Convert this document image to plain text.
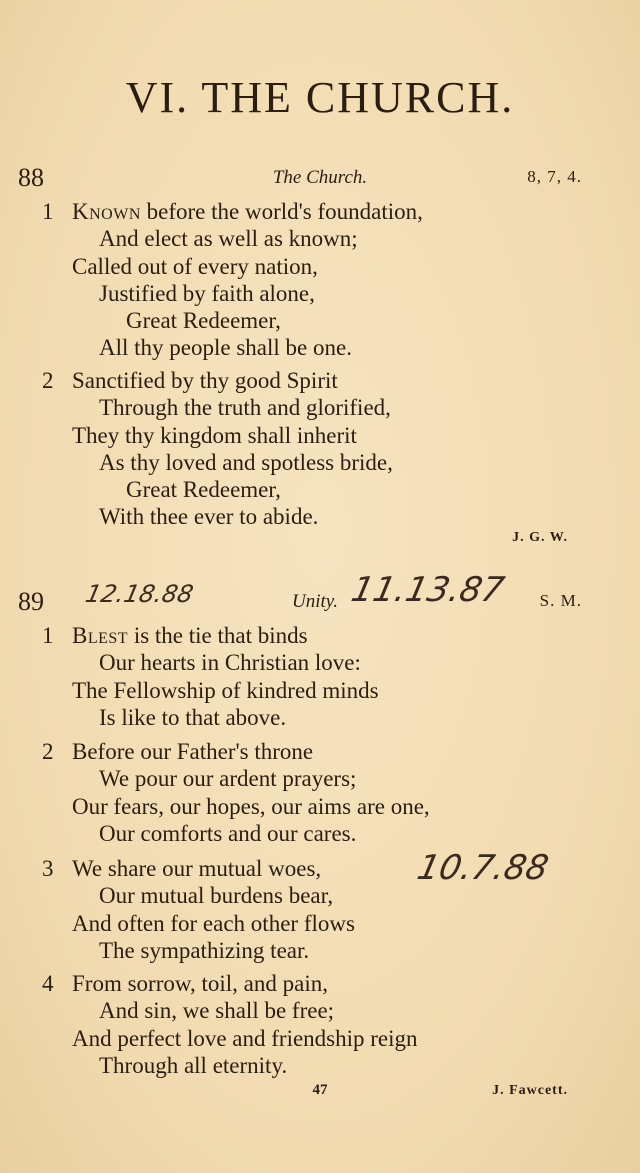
VI. THE CHURCH.
88	The Church.	8, 7, 4.
1 Known before the world's foundation,
And elect as well as known;
Called out of every nation,
Justified by faith alone,
Great Redeemer,
All thy people shall be one.
2 Sanctified by thy good Spirit
Through the truth and glorified,
They thy kingdom shall inherit
As thy loved and spotless bride,
Great Redeemer,
With thee ever to abide.
J. G. W.
89	Unity.	S. M.
12.18.88	11.13.87
1 Blest is the tie that binds
Our hearts in Christian love:
The Fellowship of kindred minds
Is like to that above.
2 Before our Father's throne
We pour our ardent prayers;
Our fears, our hopes, our aims are one,
Our comforts and our cares.
3 We share our mutual woes,
Our mutual burdens bear,
And often for each other flows
The sympathizing tear.
10.7.88
4 From sorrow, toil, and pain,
And sin, we shall be free;
And perfect love and friendship reign
Through all eternity.
47	J. Fawcett.
